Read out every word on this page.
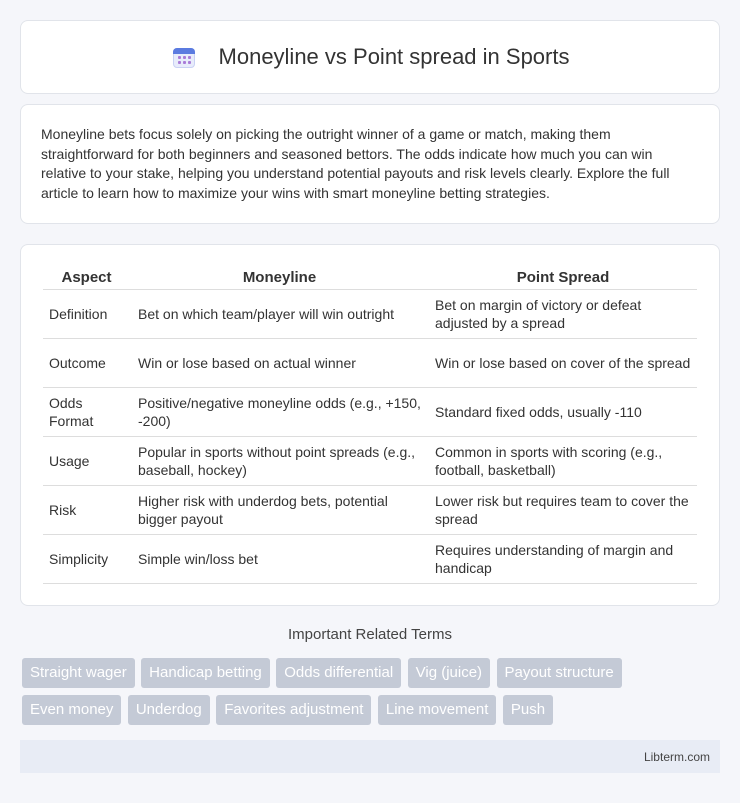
Moneyline vs Point spread in Sports

Moneyline bets focus solely on picking the outright winner of a game or match, making them straightforward for both beginners and seasoned bettors. The odds indicate how much you can win relative to your stake, helping you understand potential payouts and risk levels clearly. Explore the full article to learn how to maximize your wins with smart moneyline betting strategies.

Aspect	Moneyline	Point Spread
Definition	Bet on which team/player will win outright	Bet on margin of victory or defeat adjusted by a spread
Outcome	Win or lose based on actual winner	Win or lose based on cover of the spread
Odds Format	Positive/negative moneyline odds (e.g., +150, -200)	Standard fixed odds, usually -110
Usage	Popular in sports without point spreads (e.g., baseball, hockey)	Common in sports with scoring (e.g., football, basketball)
Risk	Higher risk with underdog bets, potential bigger payout	Lower risk but requires team to cover the spread
Simplicity	Simple win/loss bet	Requires understanding of margin and handicap
Important Related Terms
Straight wager Handicap betting Odds differential Vig (juice) Payout structure Even money Underdog Favorites adjustment Line movement Push
Libterm.com
